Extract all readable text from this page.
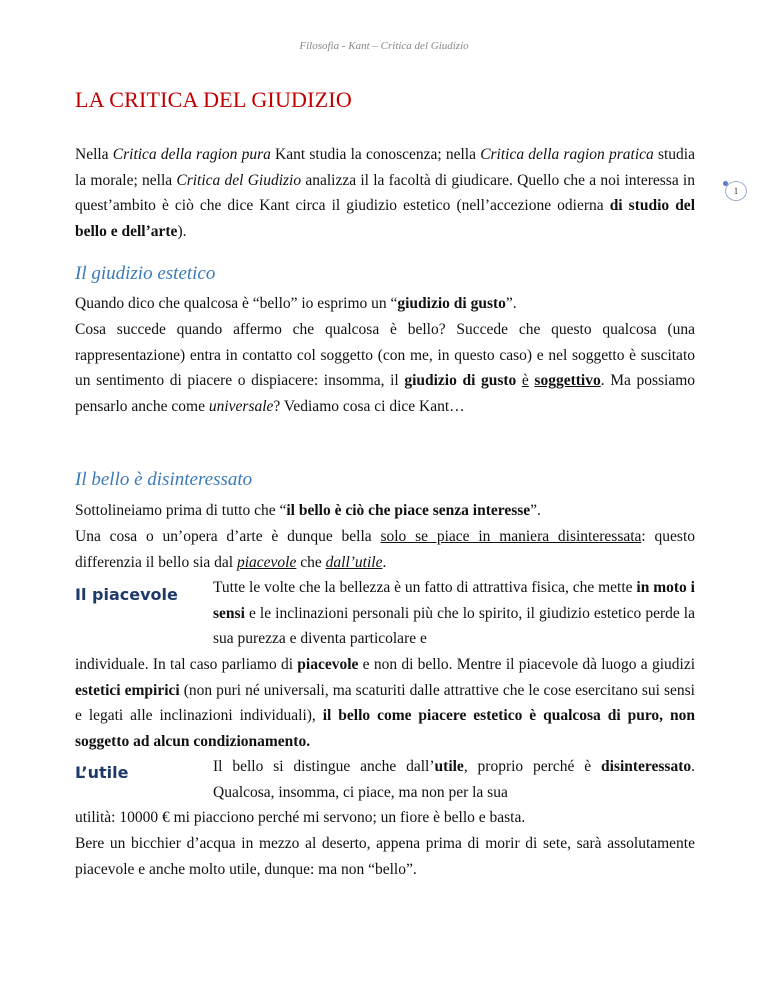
Filosofia - Kant – Critica del Giudizio
1
LA CRITICA DEL GIUDIZIO

Nella Critica della ragion pura Kant studia la conoscenza; nella Critica della ragion pratica studia la morale; nella Critica del Giudizio analizza il la facoltà di giudicare. Quello che a noi interessa in quest’ambito è ciò che dice Kant circa il giudizio estetico (nell’accezione odierna di studio del bello e dell’arte).

Il giudizio estetico

Quando dico che qualcosa è “bello” io esprimo un “giudizio di gusto”.

Cosa succede quando affermo che qualcosa è bello? Succede che questo qualcosa (una rappresentazione) entra in contatto col soggetto (con me, in questo caso) e nel soggetto è suscitato un sentimento di piacere o dispiacere: insomma, il giudizio di gusto è soggettivo. Ma possiamo pensarlo anche come universale? Vediamo cosa ci dice Kant…

Il bello è disinteressato

Sottolineiamo prima di tutto che “il bello è ciò che piace senza interesse”.

Una cosa o un’opera d’arte è dunque bella solo se piace in maniera disinteressata: questo differenzia il bello sia dal piacevole che dall’utile.

Il piacevole Tutte le volte che la bellezza è un fatto di attrattiva fisica, che mette in moto i sensi e le inclinazioni personali più che lo spirito, il giudizio estetico perde la sua purezza e diventa particolare e

individuale. In tal caso parliamo di piacevole e non di bello. Mentre il piacevole dà luogo a giudizi estetici empirici (non puri né universali, ma scaturiti dalle attrattive che le cose esercitano sui sensi e legati alle inclinazioni individuali), il bello come piacere estetico è qualcosa di puro, non soggetto ad alcun condizionamento.

L’utile	Il bello si distingue anche dall’utile, proprio perché è disinteressato. Qualcosa, insomma, ci piace, ma non per la sua

utilità: 10000 € mi piacciono perché mi servono; un fiore è bello e basta.

Bere un bicchier d’acqua in mezzo al deserto, appena prima di morir di sete, sarà assolutamente piacevole e anche molto utile, dunque: ma non “bello”.
